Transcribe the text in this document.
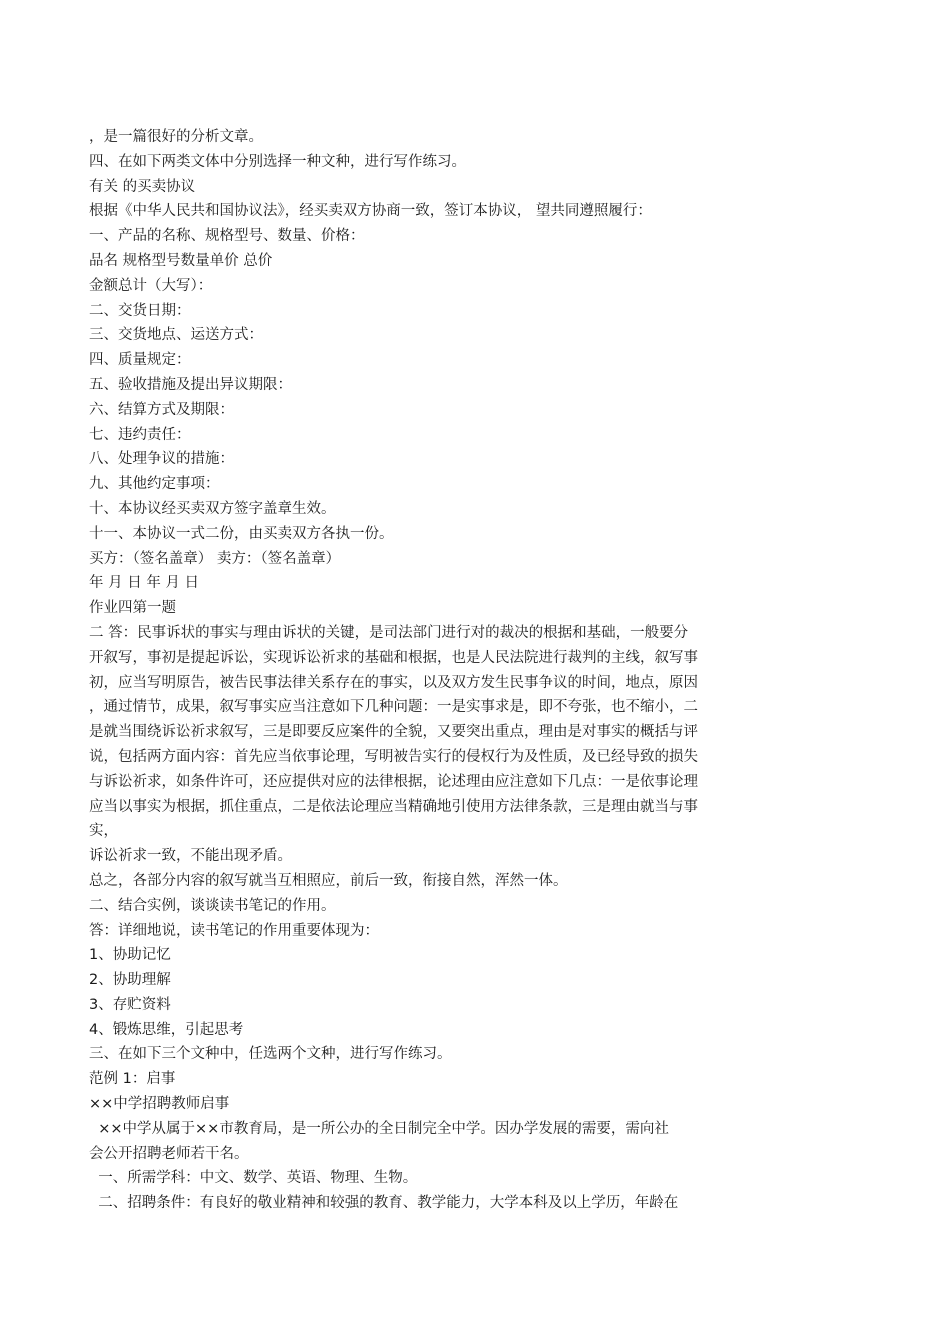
，是一篇很好的分析文章。
四、在如下两类文体中分别选择一种文种，进行写作练习。
有关 的买卖协议
根据《中华人民共和国协议法》，经买卖双方协商一致，签订本协议， 望共同遵照履行：
一、产品的名称、规格型号、数量、价格：
品名 规格型号数量单价 总价
金额总计（大写）：
二、交货日期：
三、交货地点、运送方式：
四、质量规定：
五、验收措施及提出异议期限：
六、结算方式及期限：
七、违约责任：
八、处理争议的措施：
九、其他约定事项：
十、本协议经买卖双方签字盖章生效。
十一、本协议一式二份，由买卖双方各执一份。
买方：（签名盖章） 卖方：（签名盖章）
年 月 日 年 月 日
作业四第一题
二 答：民事诉状的事实与理由诉状的关键，是司法部门进行对的裁决的根据和基础，一般要分
开叙写，事初是提起诉讼，实现诉讼祈求的基础和根据，也是人民法院进行裁判的主线，叙写事
初，应当写明原告，被告民事法律关系存在的事实，以及双方发生民事争议的时间，地点，原因
，通过情节，成果，叙写事实应当注意如下几种问题：一是实事求是，即不夸张，也不缩小，二
是就当围绕诉讼祈求叙写，三是即要反应案件的全貌，又要突出重点，理由是对事实的概括与评
说，包括两方面内容：首先应当依事论理，写明被告实行的侵权行为及性质，及已经导致的损失
与诉讼祈求，如条件许可，还应提供对应的法律根据，论述理由应注意如下几点：一是依事论理
应当以事实为根据，抓住重点，二是依法论理应当精确地引使用方法律条款，三是理由就当与事
实，
诉讼祈求一致，不能出现矛盾。
总之，各部分内容的叙写就当互相照应，前后一致，衔接自然，浑然一体。
二、结合实例，谈谈读书笔记的作用。
答：详细地说，读书笔记的作用重要体现为：
1、协助记忆
2、协助理解
3、存贮资料
4、锻炼思维，引起思考
三、在如下三个文种中，任选两个文种，进行写作练习。
范例 1：启事
××中学招聘教师启事
××中学从属于××市教育局，是一所公办的全日制完全中学。因办学发展的需要，需向社
会公开招聘老师若干名。
一、所需学科：中文、数学、英语、物理、生物。
二、招聘条件：有良好的敬业精神和较强的教育、教学能力，大学本科及以上学历，年龄在
